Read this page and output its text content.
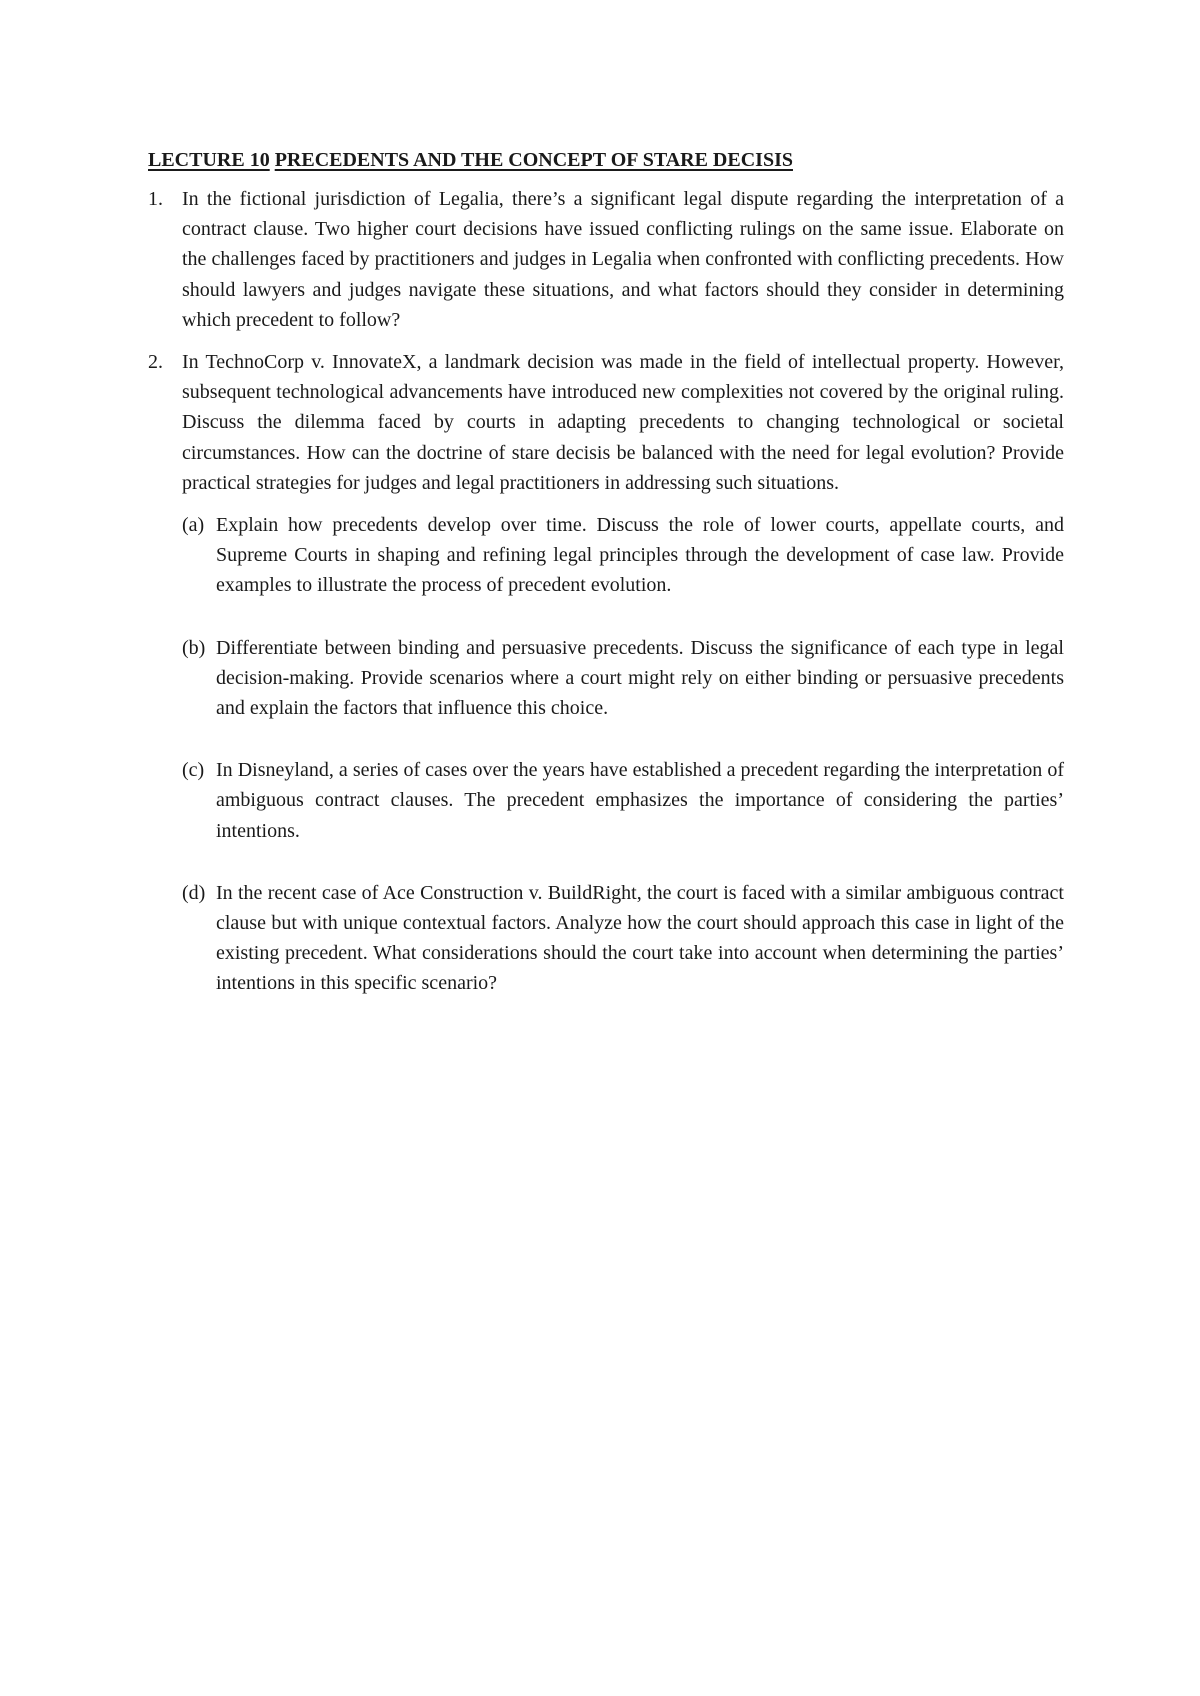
LECTURE 10 PRECEDENTS AND THE CONCEPT OF STARE DECISIS
1. In the fictional jurisdiction of Legalia, there’s a significant legal dispute regarding the interpretation of a contract clause. Two higher court decisions have issued conflicting rulings on the same issue. Elaborate on the challenges faced by practitioners and judges in Legalia when confronted with conflicting precedents. How should lawyers and judges navigate these situations, and what factors should they consider in determining which precedent to follow?
2. In TechnoCorp v. InnovateX, a landmark decision was made in the field of intellectual property. However, subsequent technological advancements have introduced new complexities not covered by the original ruling. Discuss the dilemma faced by courts in adapting precedents to changing technological or societal circumstances. How can the doctrine of stare decisis be balanced with the need for legal evolution? Provide practical strategies for judges and legal practitioners in addressing such situations.
(a) Explain how precedents develop over time. Discuss the role of lower courts, appellate courts, and Supreme Courts in shaping and refining legal principles through the development of case law. Provide examples to illustrate the process of precedent evolution.
(b) Differentiate between binding and persuasive precedents. Discuss the significance of each type in legal decision-making. Provide scenarios where a court might rely on either binding or persuasive precedents and explain the factors that influence this choice.
(c) In Disneyland, a series of cases over the years have established a precedent regarding the interpretation of ambiguous contract clauses. The precedent emphasizes the importance of considering the parties’ intentions.
(d) In the recent case of Ace Construction v. BuildRight, the court is faced with a similar ambiguous contract clause but with unique contextual factors. Analyze how the court should approach this case in light of the existing precedent. What considerations should the court take into account when determining the parties’ intentions in this specific scenario?
